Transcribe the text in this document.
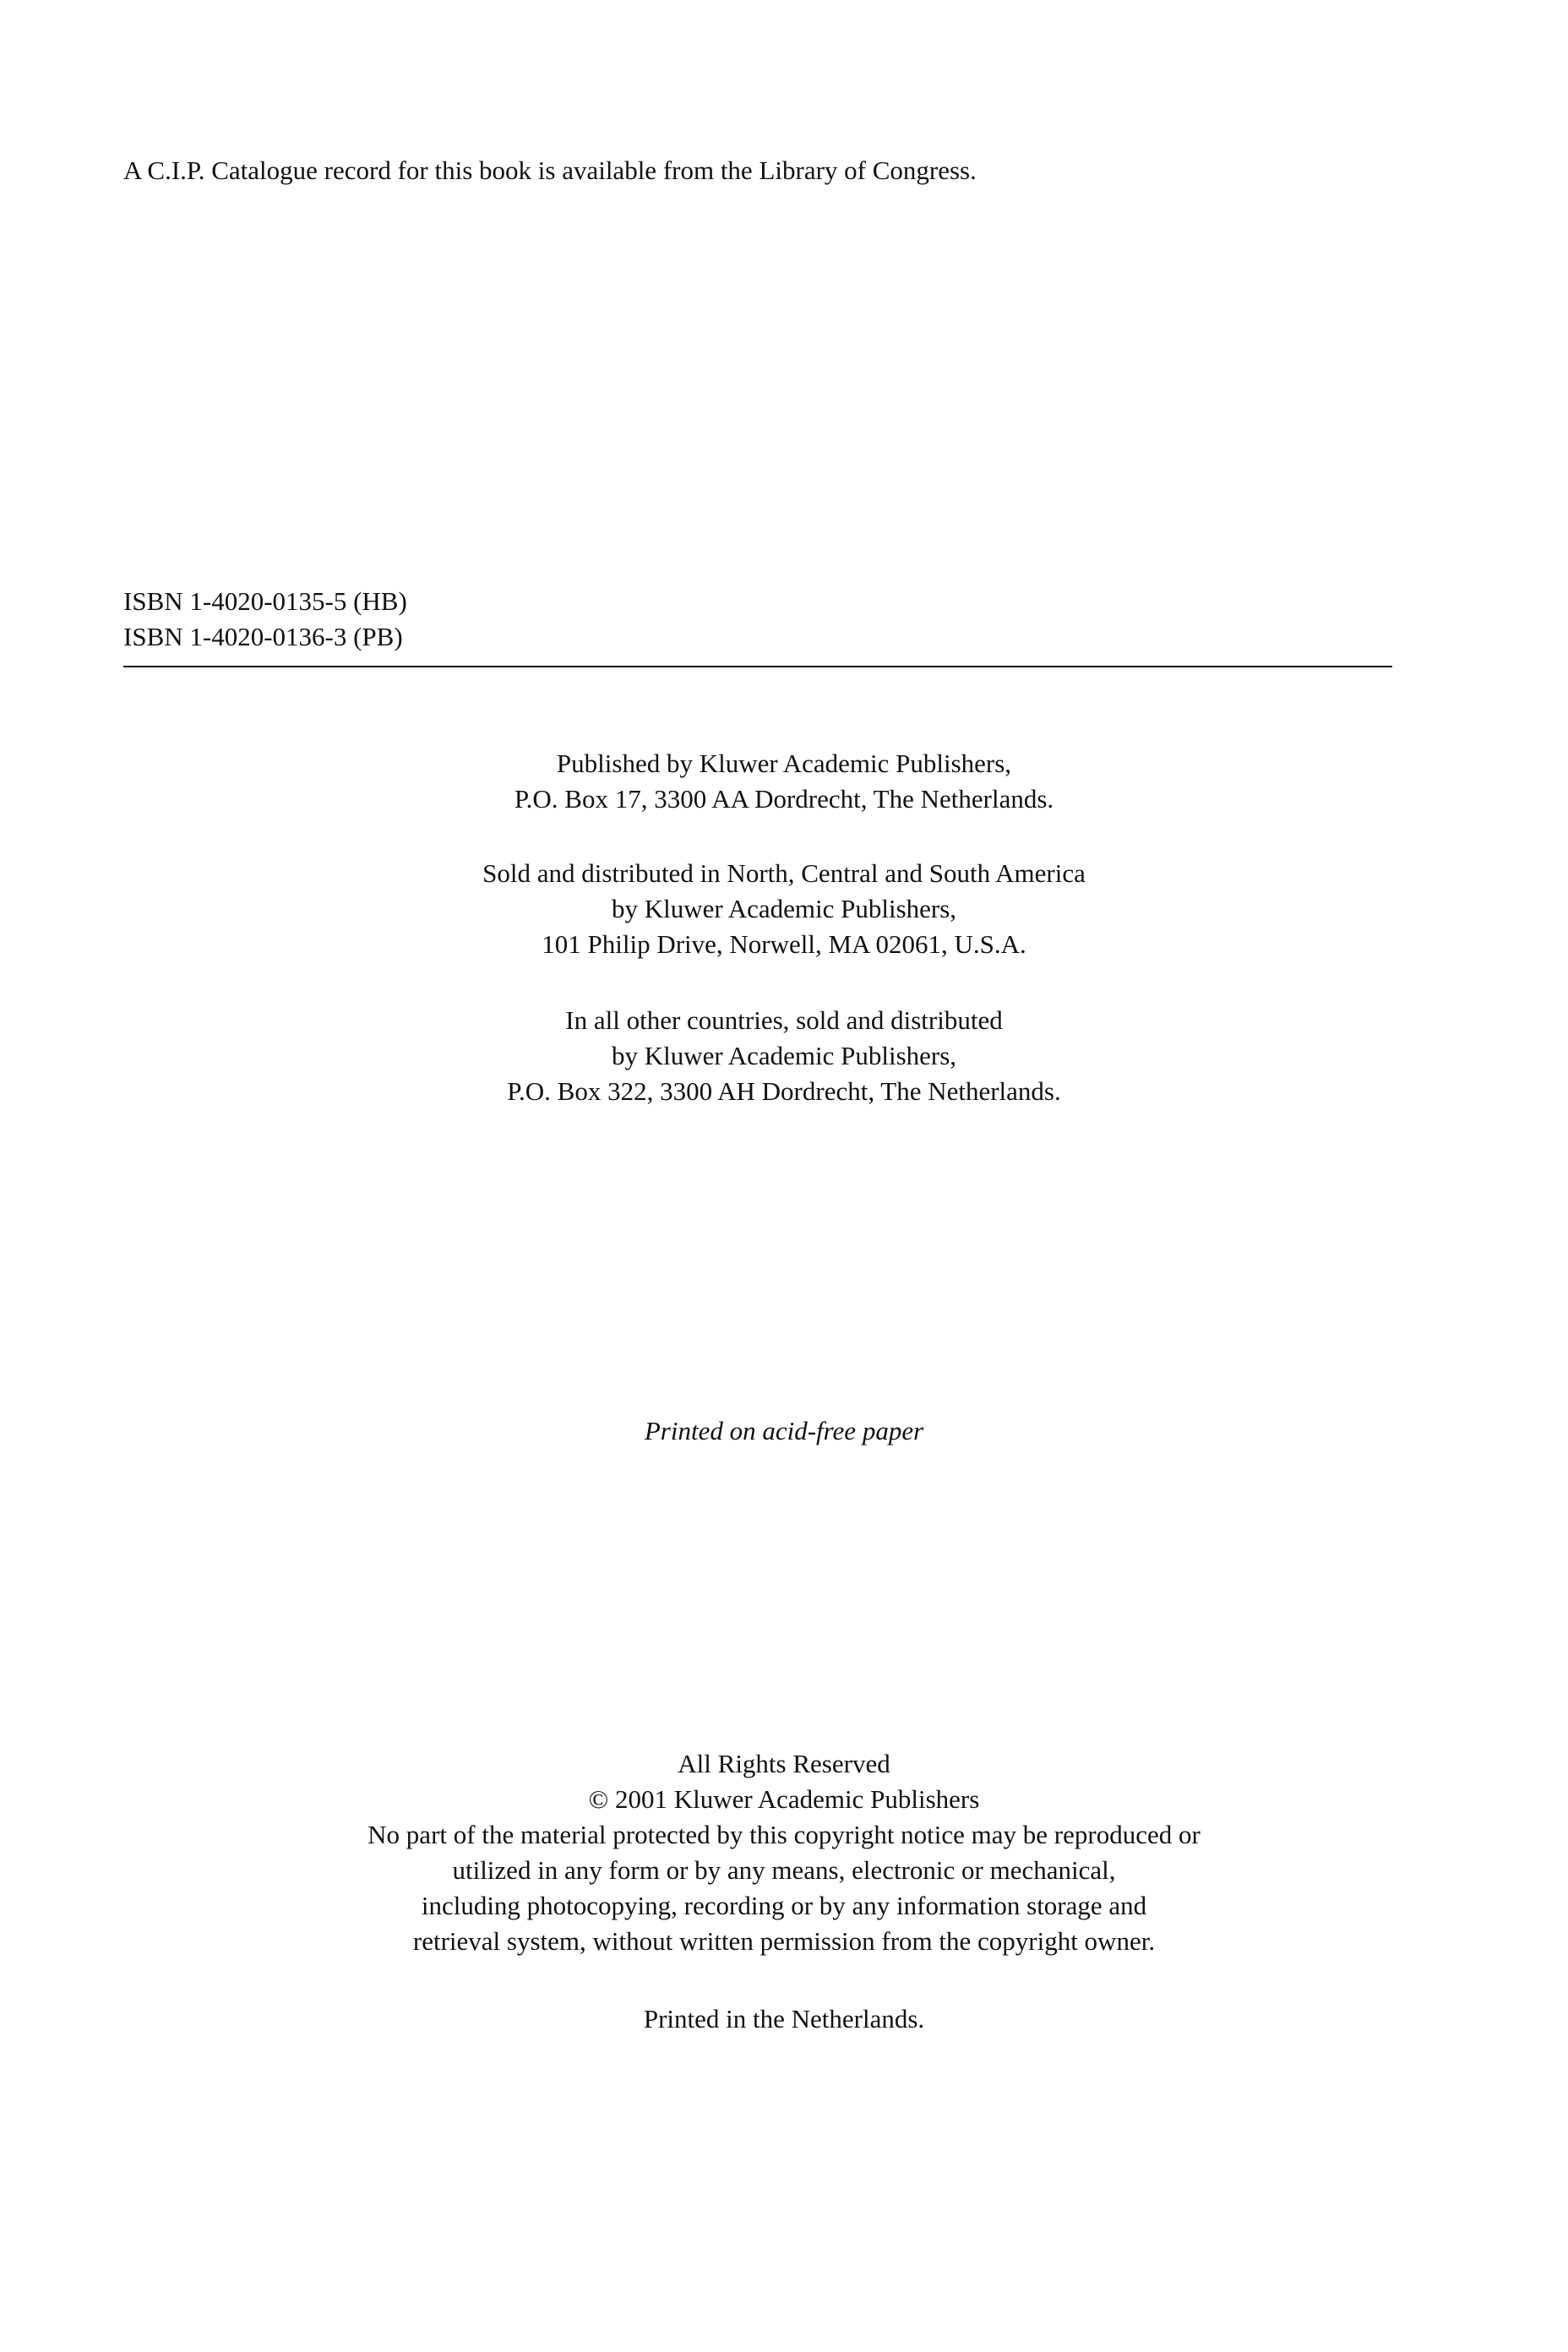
A C.I.P. Catalogue record for this book is available from the Library of Congress.
ISBN 1-4020-0135-5 (HB)
ISBN 1-4020-0136-3 (PB)
Published by Kluwer Academic Publishers,
P.O. Box 17, 3300 AA Dordrecht, The Netherlands.
Sold and distributed in North, Central and South America
by Kluwer Academic Publishers,
101 Philip Drive, Norwell, MA 02061, U.S.A.
In all other countries, sold and distributed
by Kluwer Academic Publishers,
P.O. Box 322, 3300 AH Dordrecht, The Netherlands.
Printed on acid-free paper
All Rights Reserved
© 2001 Kluwer Academic Publishers
No part of the material protected by this copyright notice may be reproduced or
utilized in any form or by any means, electronic or mechanical,
including photocopying, recording or by any information storage and
retrieval system, without written permission from the copyright owner.
Printed in the Netherlands.
